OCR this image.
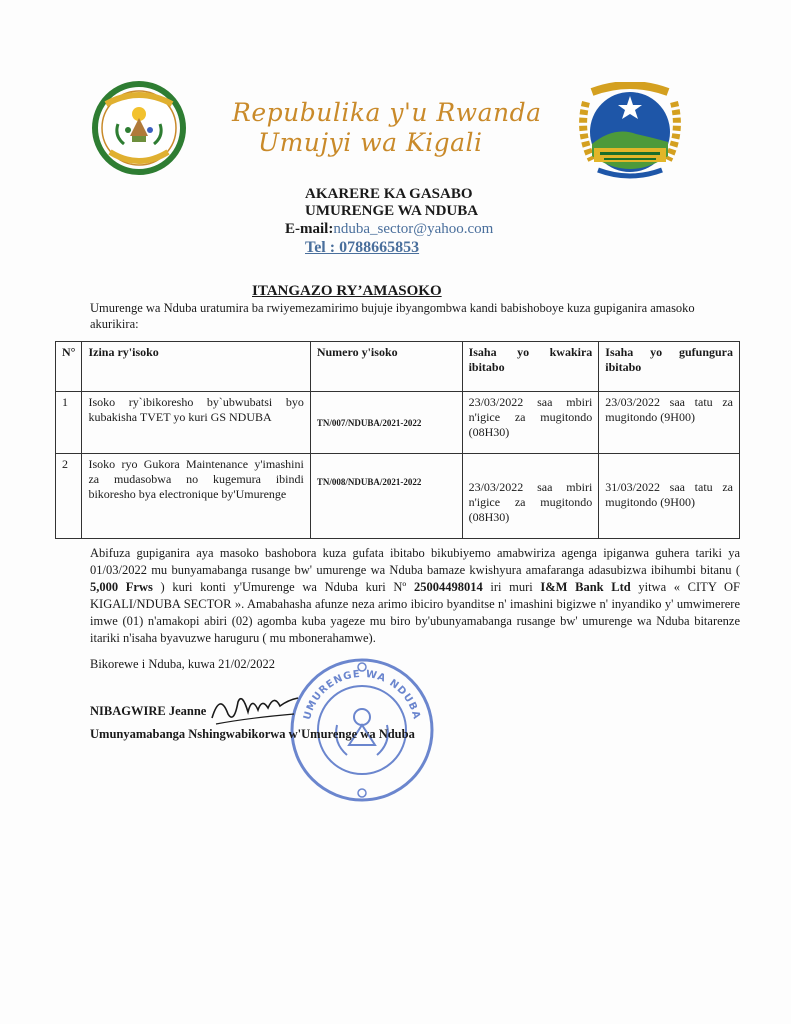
Repubulika y'u Rwanda
Umujyi wa Kigali
AKARERE KA GASABO
UMURENGE WA NDUBA
E-mail:nduba_sector@yahoo.com
Tel : 0788665853
ITANGAZO RY’AMASOKO
Umurenge wa Nduba uratumira ba rwiyemezamirimo bujuje ibyangombwa kandi babishoboye kuza gupiganira amasoko akurikira:
N°	Izina ry'isoko	Numero y'isoko	Isaha yo kwakira ibitabo	Isaha yo gufungura ibitabo
1	Isoko ry`ibikoresho by`ubwubatsi byo kubakisha TVET yo kuri GS NDUBA	TN/007/NDUBA/2021-2022	23/03/2022 saa mbiri n'igice za mugitondo (08H30)	23/03/2022 saa tatu za mugitondo (9H00)
2	Isoko ryo Gukora Maintenance y'imashini za mudasobwa no kugemura ibindi bikoresho bya electronique by'Umurenge	TN/008/NDUBA/2021-2022	23/03/2022 saa mbiri n'igice za mugitondo (08H30)	31/03/2022 saa tatu za mugitondo (9H00)
Abifuza gupiganira aya masoko bashobora kuza gufata ibitabo bikubiyemo amabwiriza agenga ipiganwa guhera tariki ya 01/03/2022 mu bunyamabanga rusange bw' umurenge wa Nduba bamaze kwishyura amafaranga adasubizwa ibihumbi bitanu ( 5,000 Frws ) kuri konti y'Umurenge wa Nduba kuri Nº 25004498014 iri muri I&M Bank Ltd yitwa « CITY OF KIGALI/NDUBA SECTOR ». Amabahasha afunze neza arimo ibiciro byanditse n' imashini bigizwe n' inyandiko y' umwimerere imwe (01) n'amakopi abiri (02) agomba kuba yageze mu biro by'ubunyamabanga rusange bw' umurenge wa Nduba bitarenze itariki n'isaha byavuzwe haruguru ( mu mbonerahamwe).
Bikorewe i Nduba, kuwa 21/02/2022
UMURENGE WA NDUBA
NIBAGWIRE Jeanne
Umunyamabanga Nshingwabikorwa w'Umurenge wa Nduba
